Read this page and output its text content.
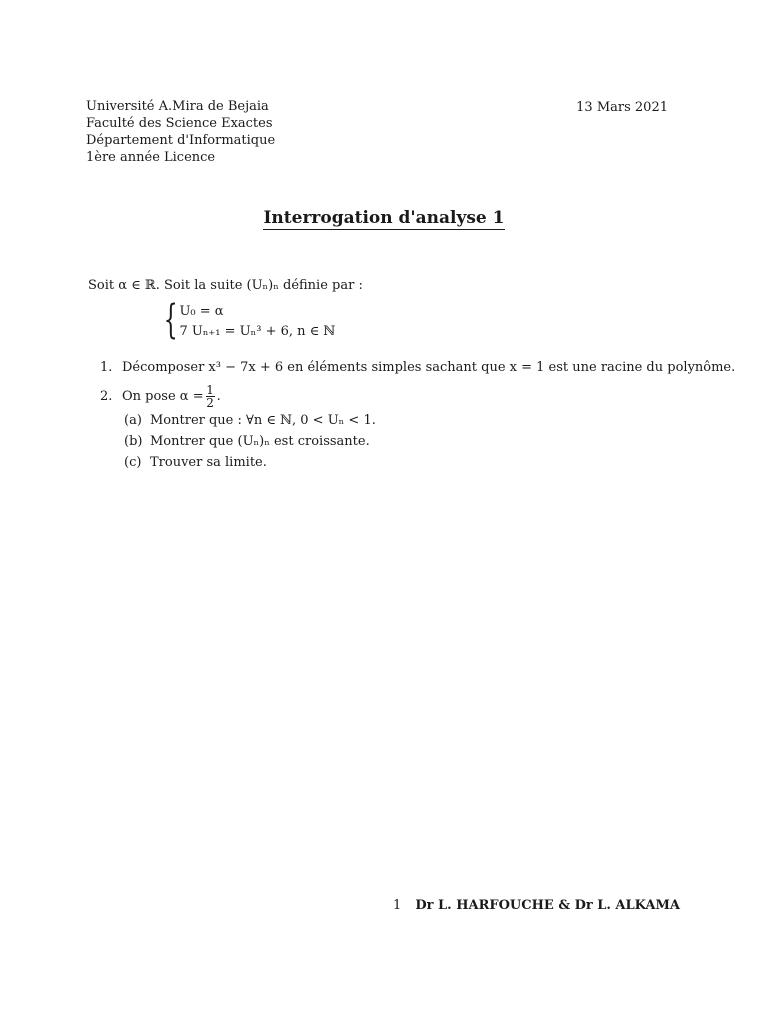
Université A.Mira de Bejaia
Faculté des Science Exactes
Département d'Informatique
1ère année Licence
13 Mars 2021
Interrogation d'analyse 1
Soit α ∈ ℝ. Soit la suite (Uₙ)ₙ définie par :
{ U₀ = α
7 Uₙ₊₁ = Uₙ³ + 6, n ∈ ℕ
1. Décomposer x³ − 7x + 6 en éléments simples sachant que x = 1 est une racine du polynôme.
2. On pose $\alpha = \frac{1}{2}$ .
(a) Montrer que : ∀n ∈ ℕ, 0 < Uₙ < 1.
(b) Montrer que (Uₙ)ₙ est croissante.
(c) Trouver sa limite.
1 Dr L. HARFOUCHE & Dr L. ALKAMA
